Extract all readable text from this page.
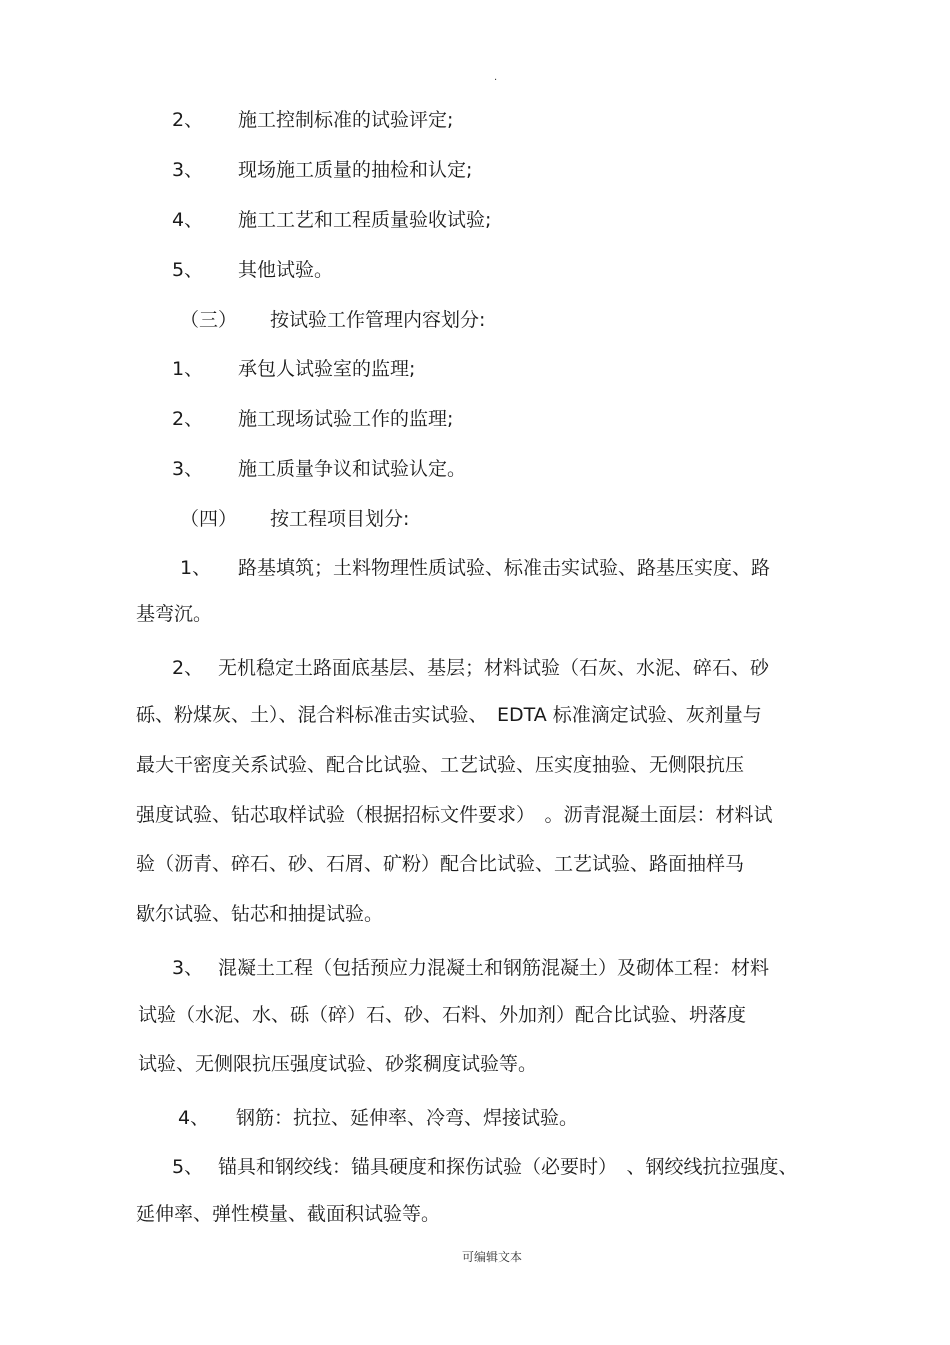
.
2、 施工控制标准的试验评定;
3、 现场施工质量的抽检和认定;
4、 施工工艺和工程质量验收试验;
5、 其他试验。
（三） 按试验工作管理内容划分:
1、 承包人试验室的监理;
2、 施工现场试验工作的监理;
3、 施工质量争议和试验认定。
（四） 按工程项目划分:
1、 路基填筑；土料物理性质试验、标准击实试验、路基压实度、路
基弯沉。
2、 无机稳定土路面底基层、基层；材料试验（石灰、水泥、碎石、砂
砾、粉煤灰、土）、混合料标准击实试验、　EDTA 标准滴定试验、灰剂量与
最大干密度关系试验、配合比试验、工艺试验、压实度抽验、无侧限抗压
强度试验、钻芯取样试验（根据招标文件要求）　。沥青混凝土面层：材料试
验（沥青、碎石、砂、石屑、矿粉）配合比试验、工艺试验、路面抽样马
歇尔试验、钻芯和抽提试验。
3、 混凝土工程（包括预应力混凝土和钢筋混凝土）及砌体工程：材料
试验（水泥、水、砾（碎）石、砂、石料、外加剂）配合比试验、坍落度
试验、无侧限抗压强度试验、砂浆稠度试验等。
4、 钢筋：抗拉、延伸率、冷弯、焊接试验。
5、 锚具和钢绞线：锚具硬度和探伤试验（必要时）　、钢绞线抗拉强度、
延伸率、弹性模量、截面积试验等。
可编辑文本
